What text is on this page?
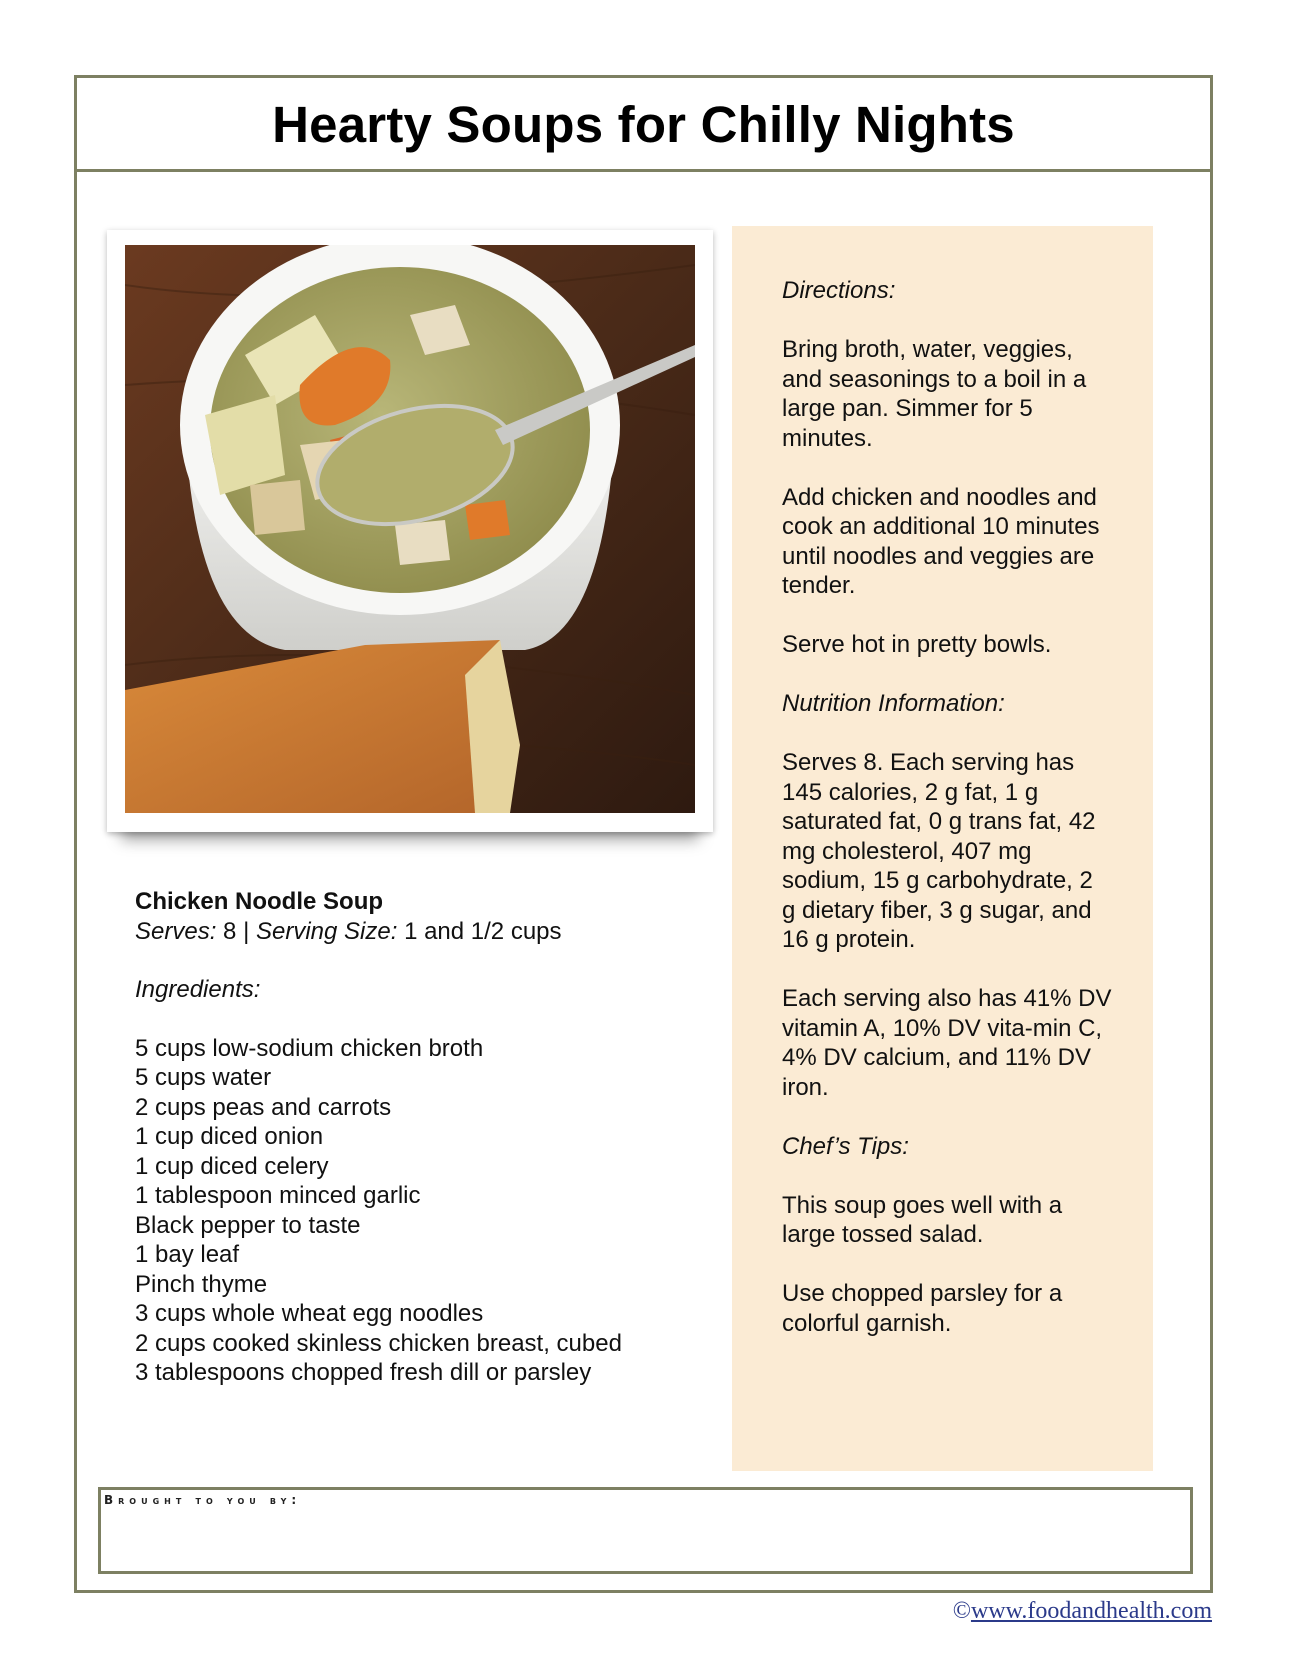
Hearty Soups for Chilly Nights

Chicken Noodle Soup

Serves: 8 | Serving Size: 1 and 1/2 cups

Ingredients:

5 cups low-sodium chicken broth
5 cups water
2 cups peas and carrots
1 cup diced onion
1 cup diced celery
1 tablespoon minced garlic
Black pepper to taste
1 bay leaf
Pinch thyme
3 cups whole wheat egg noodles
2 cups cooked skinless chicken breast, cubed
3 tablespoons chopped fresh dill or parsley

Directions:

Bring broth, water, veggies, and seasonings to a boil in a large pan. Simmer for 5 minutes.

Add chicken and noodles and cook an additional 10 minutes until noodles and veggies are tender.

Serve hot in pretty bowls.

Nutrition Information:

Serves 8. Each serving has 145 calories, 2 g fat, 1 g saturated fat, 0 g trans fat, 42 mg cholesterol, 407 mg sodium, 15 g carbohydrate, 2 g dietary fiber, 3 g sugar, and 16 g protein.

Each serving also has 41% DV vitamin A, 10% DV vita-min C, 4% DV calcium, and 11% DV iron.

Chef’s Tips:

This soup goes well with a large tossed salad.

Use chopped parsley for a colorful garnish.

Brought to you by:
©www.foodandhealth.com
